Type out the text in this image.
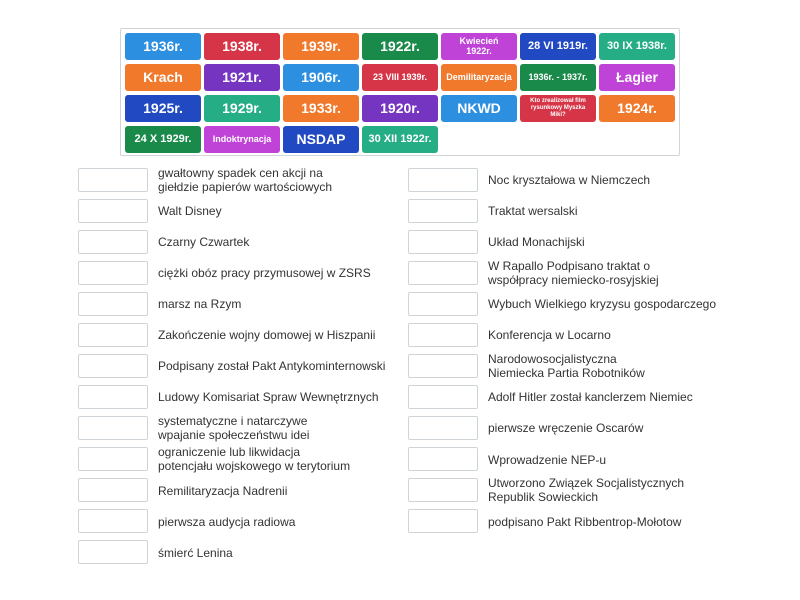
1936r.	1938r.	1939r.	1922r.	Kwiecień 1922r.	28 VI 1919r.	30 IX 1938r.
Krach	1921r.	1906r.	23 VIII 1939r.	Demilitaryzacja	1936r. - 1937r.	Łagier
1925r.	1929r.	1933r.	1920r.	NKWD	Kto zrealizował film rysunkowy Myszka Miki?	1924r.
24 X 1929r.	Indoktrynacja	NSDAP	30 XII 1922r.
gwałtowny spadek cen akcji na
giełdzie papierów wartościowych
Walt Disney
Czarny Czwartek
ciężki obóz pracy przymusowej w ZSRS
marsz na Rzym
Zakończenie wojny domowej w Hiszpanii
Podpisany został Pakt Antykominternowski
Ludowy Komisariat Spraw Wewnętrznych
systematyczne i natarczywe
wpajanie społeczeństwu idei
ograniczenie lub likwidacja
potencjału wojskowego w terytorium
Remilitaryzacja Nadrenii
pierwsza audycja radiowa
śmierć Lenina
Noc kryształowa w Niemczech
Traktat wersalski
Układ Monachijski
W Rapallo Podpisano traktat o
współpracy niemiecko-rosyjskiej
Wybuch Wielkiego kryzysu gospodarczego
Konferencja w Locarno
Narodowosocjalistyczna
Niemiecka Partia Robotników
Adolf Hitler został kanclerzem Niemiec
pierwsze wręczenie Oscarów
Wprowadzenie NEP-u
Utworzono Związek Socjalistycznych
Republik Sowieckich
podpisano Pakt Ribbentrop-Mołotow
